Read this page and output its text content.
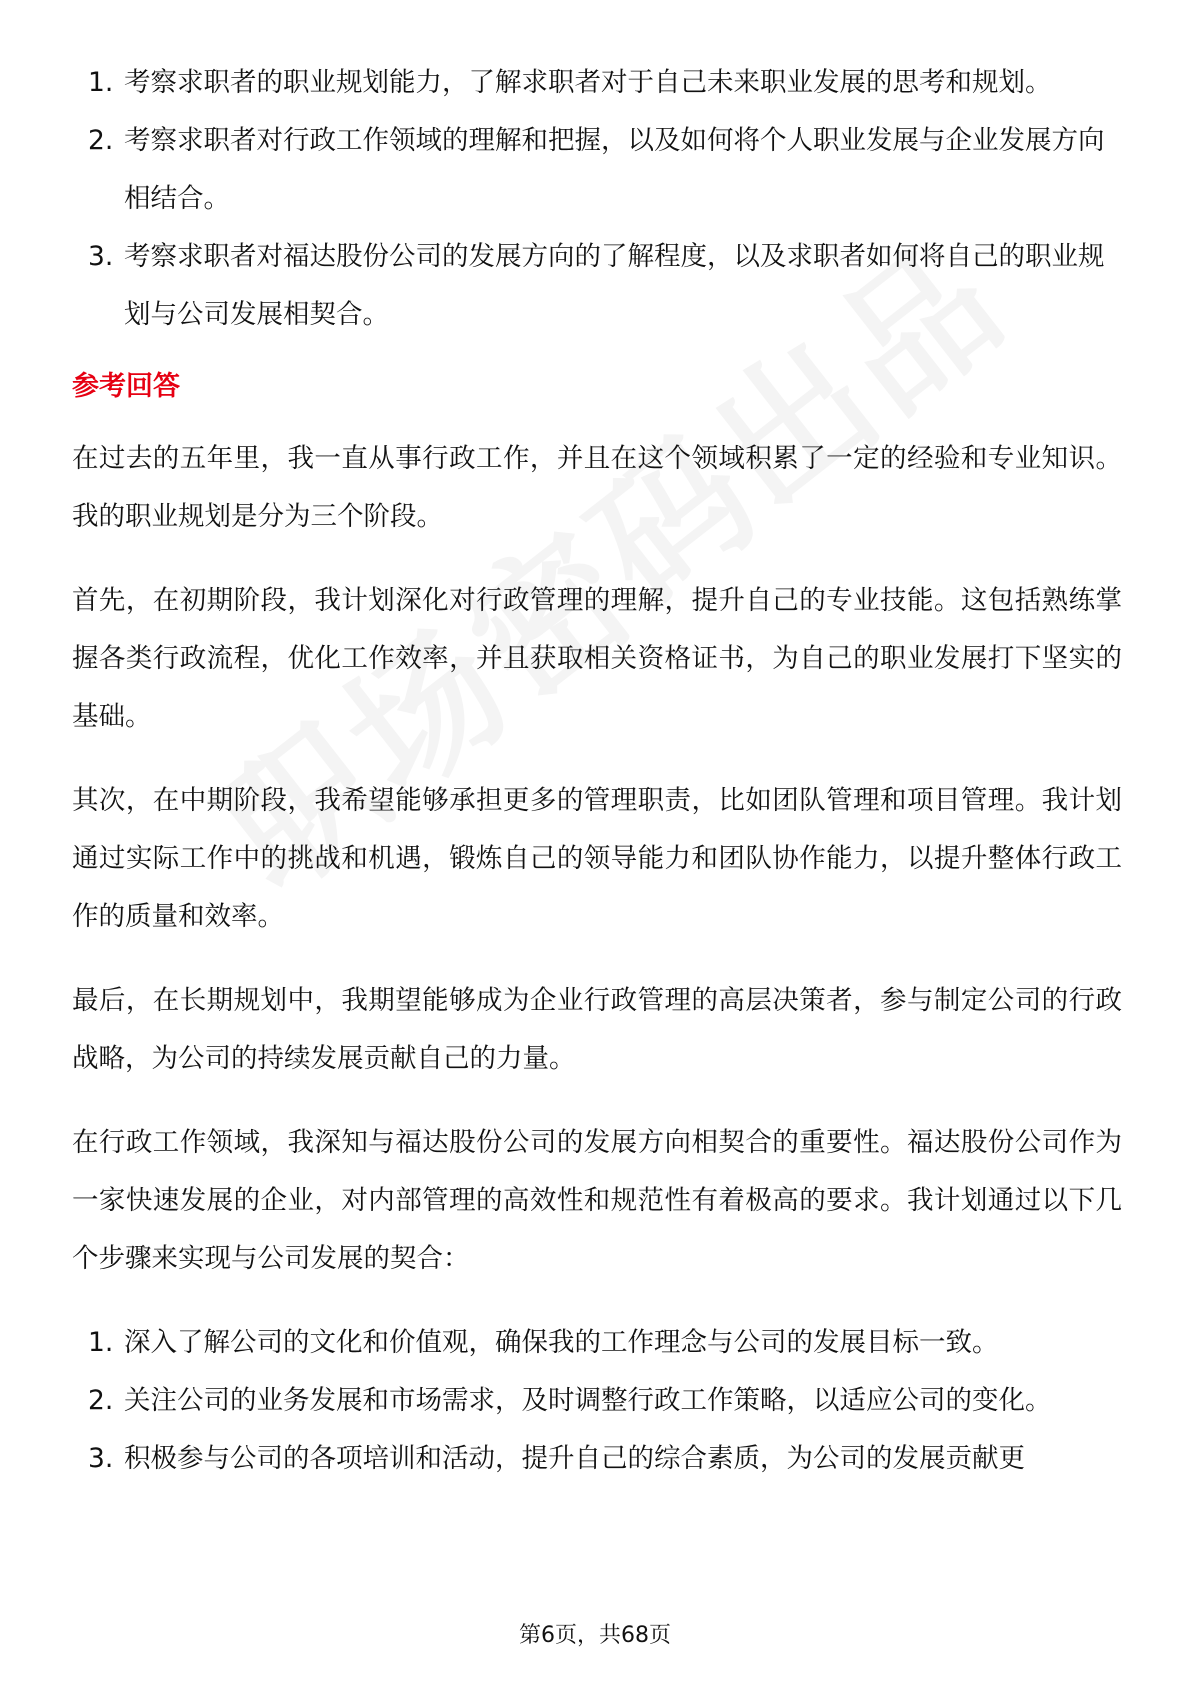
1. 考察求职者的职业规划能力，了解求职者对于自己未来职业发展的思考和规划。
2. 考察求职者对行政工作领域的理解和把握，以及如何将个人职业发展与企业发展方向相结合。
3. 考察求职者对福达股份公司的发展方向的了解程度，以及求职者如何将自己的职业规划与公司发展相契合。
参考回答

在过去的五年里，我一直从事行政工作，并且在这个领域积累了一定的经验和专业知识。我的职业规划是分为三个阶段。

首先，在初期阶段，我计划深化对行政管理的理解，提升自己的专业技能。这包括熟练掌握各类行政流程，优化工作效率，并且获取相关资格证书，为自己的职业发展打下坚实的基础。

其次，在中期阶段，我希望能够承担更多的管理职责，比如团队管理和项目管理。我计划通过实际工作中的挑战和机遇，锻炼自己的领导能力和团队协作能力，以提升整体行政工作的质量和效率。

最后，在长期规划中，我期望能够成为企业行政管理的高层决策者，参与制定公司的行政战略，为公司的持续发展贡献自己的力量。

在行政工作领域，我深知与福达股份公司的发展方向相契合的重要性。福达股份公司作为一家快速发展的企业，对内部管理的高效性和规范性有着极高的要求。我计划通过以下几个步骤来实现与公司发展的契合：

1. 深入了解公司的文化和价值观，确保我的工作理念与公司的发展目标一致。
2. 关注公司的业务发展和市场需求，及时调整行政工作策略，以适应公司的变化。
3. 积极参与公司的各项培训和活动，提升自己的综合素质，为公司的发展贡献更
第6页，共68页
